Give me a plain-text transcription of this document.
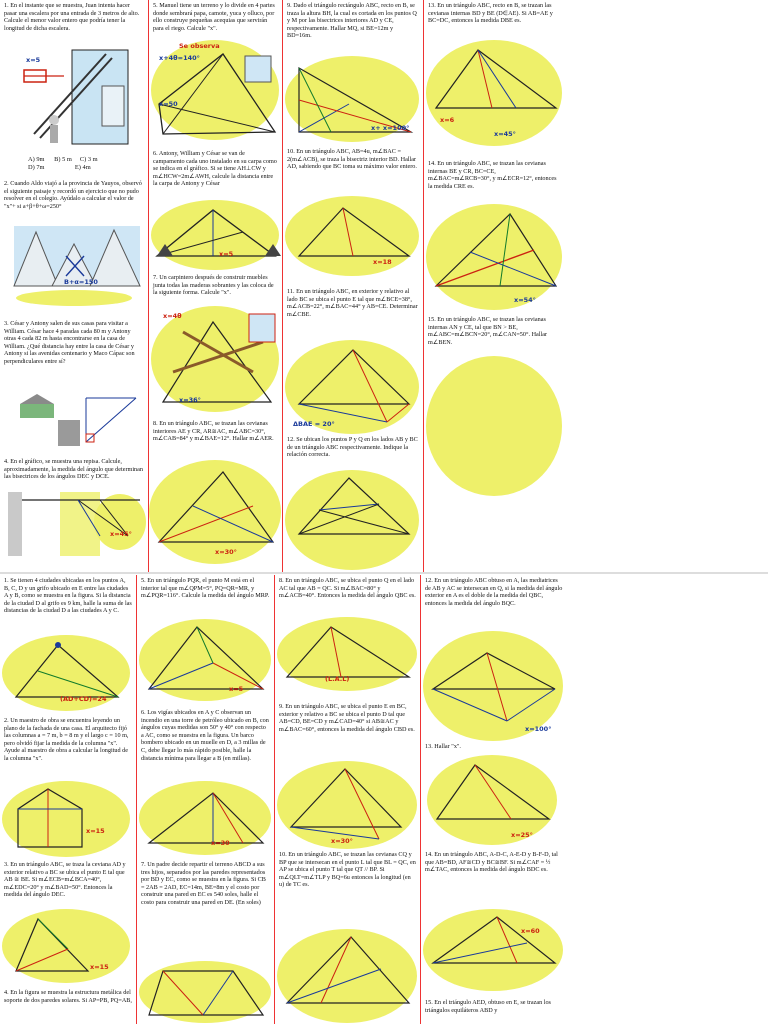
1. En el instante que se muestra, Juan intenta hacer pasar una escalera por una entrada de 3 metros de alto. Calcule el menor valor entero que podría tener la longitud de dicha escalera.
x=5
A) 9m B) 5 m C) 3 m
D) 7m	E) 4m
2. Cuando Aldo viajó a la provincia de Yauyos, observó el siguiente paisaje y recordó un ejercicio que no pudo resolver en el colegio. Ayúdalo a calcular el valor de "x"+ si a+β+θ+ω=250°
B+α=150
3. César y Antony salen de sus casas para visitar a William. César hace 4 paradas cada 80 m y Antony otras 4 cada 82 m hasta encontrarse en la casa de William. ¿Qué distancia hay entre la casa de César y Antony si las avenidas centenario y Maco Cápac son perpendiculares entre sí?
4. En el gráfico, se muestra una repisa. Calcule, aproximadamente, la medida del ángulo que determinan las bisectrices de los ángulos DEC y DCE.
x=45°
5. Manuel tiene un terreno y lo divide en 4 partes donde sembrará papa, camote, yuca y olluco, por ello construye pequeñas acequias que servirán para el riego. Calcule "x".
Se observa
x+4θ=140°
x=50
6. Antony, William y César se van de campamento cada uno instalado en su carpa como se indica en el gráfico. Si se tiene AH⊥CW y m∠HCW=2m∠AWH, calcule la distancia entre la carpa de Antony y César
x=5
7. Un carpintero después de construir muebles junta todas las maderas sobrantes y las coloca de la siguiente forma. Calcule "x".
x=4θ
x=36°
8. En un triángulo ABC, se trazan las cevianas interiores AE y CR, AR≅AC, m∠ABC=30°, m∠CAB=84° y m∠BAE=12°. Hallar m∠AER.
x=30°
9. Dado el triángulo rectángulo ABC, recto en B, se traza la altura BH, la cual es cortada en los puntos Q y M por las bisectrices interiores AD y CE, respectivamente. Hallar MQ, si BE=12m y BD=16m.
x+ x=100°
10. En un triángulo ABC, AB=4u, m∠BAC = 2(m∠ACB), se traza la bisectriz interior BD. Hallar AD, sabiendo que BC toma su máximo valor entero.
x=18
11. En un triángulo ABC, en exterior y relativo al lado BC se ubica el punto E tal que m∠BCE=38°, m∠ACB=22°, m∠BAC=44° y AB=CE. Determinar m∠CBE.
ΔBAE = 20°
12. Se ubican los puntos P y Q en los lados AB y BC de un triángulo ABC respectivamente. Indique la relación correcta.
13. En un triángulo ABC, recto en B, se trazan las cevianas internas BD y BE (D∈AE). Si AB=AE y BC=DC, entonces la medida DBE es.
x=6
x=45°
14. En un triángulo ABC, se trazan las cevianas internas BE y CR, BC=CE, m∠BAC=m∠RCB=30°, y m∠ECR=12°, entonces la medida CRE es.
x=54°
15. En un triángulo ABC, se trazan las cevianas internas AN y CE, tal que BN > BE, m∠ABC=m∠BCN=20°, m∠CAN=50°. Hallar m∠BEN.
1. Se tienen 4 ciudades ubicadas en los puntos A, B, C, D y un grifo ubicado en E entre las ciudades A y B, como se muestra en la figura. Si la distancia de la ciudad D al grifo es 9 km, halle la suma de las distancias de la ciudad D a las ciudades A y C.
(AD+CD)=24
2. Un maestro de obra se encuentra leyendo un plano de la fachada de una casa. El arquitecto fijó las columnas a = 7 m, b = 8 m y el largo c = 10 m, pero olvidó fijar la medida de la columna "x". Ayude al maestro de obra a calcular la longitud de la columna "x".
x=15
3. En un triángulo ABC, se traza la ceviana AD y exterior relativo a BC se ubica el punto E tal que AB ≅ BE. Si m∠ECB=m∠BCA=40°, m∠EDC=20° y m∠BAD=50°. Entonces la medida del ángulo DEC.
x=15
4. En la figura se muestra la estructura metálica del soporte de dos paredes solares. Si AP=PB, PQ=AB,
5. En un triángulo PQR, el punto M está en el interior tal que m∠QPM=5°, PQ=QR=MR, y m∠PQR=116°. Calcule la medida del ángulo MRP.
x=5
6. Los vigías ubicados en A y C observan un incendio en una torre de petróleo ubicado en B, con ángulos cuyas medidas son 50° y 40° con respecto a AC, como se muestra en la figura. Un barco bombero ubicado en un muelle en D, a 3 millas de C, debe llegar lo más rápido posible, halle la distancia mínima para llegar a B (en millas).
x=30
7. Un padre decide repartir el terreno ABCD a sus tres hijos, separados por las paredes representados por BD y EC, como se muestra en la figura. Si CB = 2AB = 2AD, EC=14m, BE=8m y el costo por construir una pared en EC es 540 soles, halle el costo para construir una pared en DE. (En soles)
8. En un triángulo ABC, se ubica el punto Q en el lado AC tal que AB = QC. Si m∠BAC=80° y m∠ACB=40°. Entonces la medida del ángulo QBC es.
(L.A.L)
9. En un triángulo ABC, se ubica el punto E en BC, exterior y relativo a BC se ubica el punto D tal que AB=CD, BE=CD y m∠CAD=40° si AB≅AC y m∠BAC=60°, entonces la medida del ángulo CBD es.
x=30°
10. En un triángulo ABC, se trazan las cevianas CQ y BP que se intersecan en el punto L tal que BL = QC, en AP se ubica el punto T tal que QT // BP. Si m∠QLT=m∠TLP y BQ=6u entonces la longitud (en u) de TC es.
12. En un triángulo ABC obtuso en A, las mediatrices de AB y AC se intersecan en Q, si la medida del ángulo exterior en A es el doble de la medida del QBC, entonces la medida del ángulo BQC.
x=100°
13. Hallar "x".
x=25°
14. En un triángulo ABC, A-D-C, A-E-D y B-F-D, tal que AB=BD, AF≅CD y BC≅BF. Si m∠CAF = ½ m∠TAC, entonces la medida del ángulo BDC es.
x=60
15. En el triángulo AED, obtuso en E, se trazan los triángulos equiláteros ABD y
